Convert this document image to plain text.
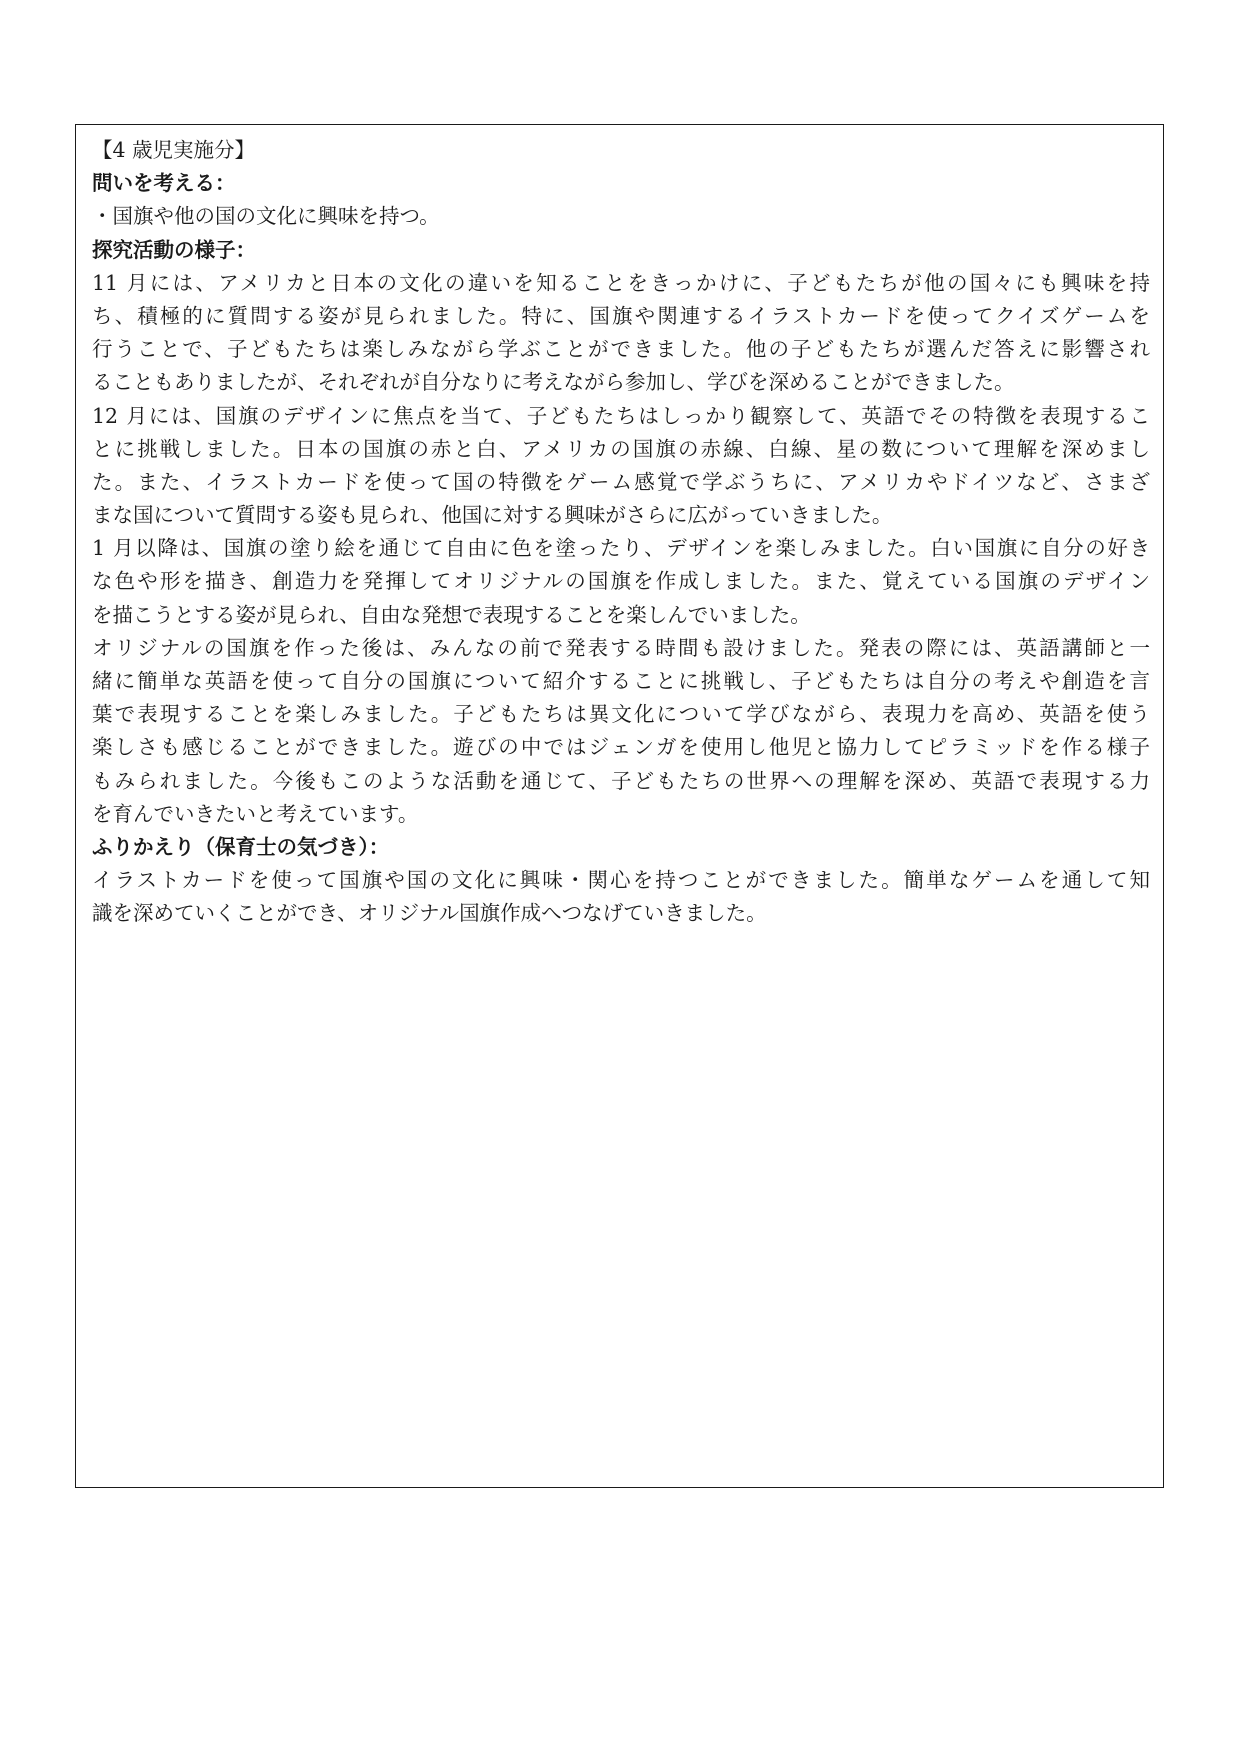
【4 歳児実施分】
問いを考える：
・国旗や他の国の文化に興味を持つ。
探究活動の様子：
11 月には、アメリカと日本の文化の違いを知ることをきっかけに、子どもたちが他の国々にも興味を持
ち、積極的に質問する姿が見られました。特に、国旗や関連するイラストカードを使ってクイズゲームを
行うことで、子どもたちは楽しみながら学ぶことができました。他の子どもたちが選んだ答えに影響され
ることもありましたが、それぞれが自分なりに考えながら参加し、学びを深めることができました。
12 月には、国旗のデザインに焦点を当て、子どもたちはしっかり観察して、英語でその特徴を表現するこ
とに挑戦しました。日本の国旗の赤と白、アメリカの国旗の赤線、白線、星の数について理解を深めまし
た。また、イラストカードを使って国の特徴をゲーム感覚で学ぶうちに、アメリカやドイツなど、さまざ
まな国について質問する姿も見られ、他国に対する興味がさらに広がっていきました。
1 月以降は、国旗の塗り絵を通じて自由に色を塗ったり、デザインを楽しみました。白い国旗に自分の好き
な色や形を描き、創造力を発揮してオリジナルの国旗を作成しました。また、覚えている国旗のデザイン
を描こうとする姿が見られ、自由な発想で表現することを楽しんでいました。
オリジナルの国旗を作った後は、みんなの前で発表する時間も設けました。発表の際には、英語講師と一
緒に簡単な英語を使って自分の国旗について紹介することに挑戦し、子どもたちは自分の考えや創造を言
葉で表現することを楽しみました。子どもたちは異文化について学びながら、表現力を高め、英語を使う
楽しさも感じることができました。遊びの中ではジェンガを使用し他児と協力してピラミッドを作る様子
もみられました。今後もこのような活動を通じて、子どもたちの世界への理解を深め、英語で表現する力
を育んでいきたいと考えています。
ふりかえり（保育士の気づき）：
イラストカードを使って国旗や国の文化に興味・関心を持つことができました。簡単なゲームを通して知
識を深めていくことができ、オリジナル国旗作成へつなげていきました。
